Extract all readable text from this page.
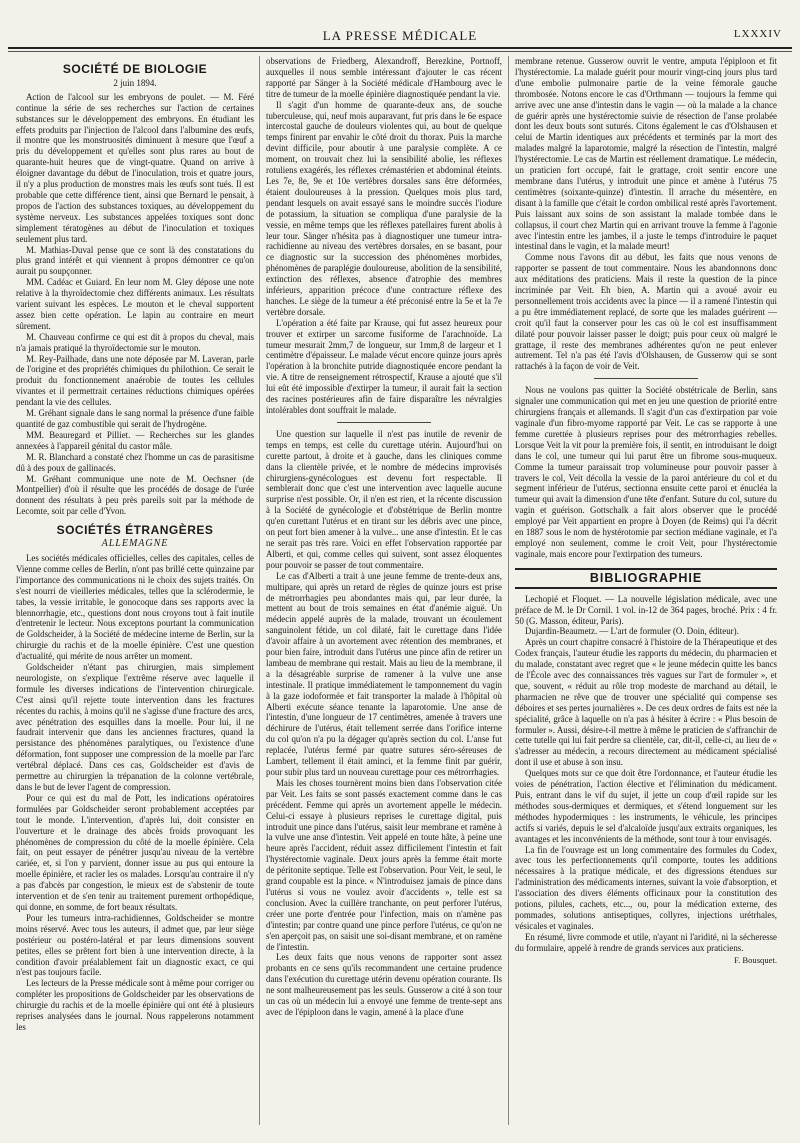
LA PRESSE MÉDICALE	LXXXIV
SOCIÉTÉ DE BIOLOGIE
2 juin 1894.

Action de l'alcool sur les embryons de poulet. — M. Féré continue la série de ses recherches sur l'action de certaines substances sur le développement des embryons. En étudiant les effets produits par l'injection de l'alcool dans l'albumine des œufs, il montre que les monstruosités diminuent à mesure que l'œuf a pris du développement et qu'elles sont plus rares au bout de quarante-huit heures que de vingt-quatre. Quand on arrive à éloigner davantage du début de l'inoculation, trois et quatre jours, il n'y a plus production de monstres mais les œufs sont tués. Il est probable que cette différence tient, ainsi que Bernard le pensait, à propos de l'action des substances toxiques, au développement du système nerveux. Les substances appelées toxiques sont donc simplement tératogènes au début de l'inoculation et toxiques seulement plus tard.

M. Mathias-Duval pense que ce sont là des constatations du plus grand intérêt et qui viennent à propos démontrer ce qu'on aurait pu soupçonner.

MM. Cadéac et Guiard. En leur nom M. Gley dépose une note relative à la thyroïdectomie chez différents animaux. Les résultats varient suivant les espèces. Le mouton et le cheval supportent assez bien cette opération. Le lapin au contraire en meurt sûrement.

M. Chauveau confirme ce qui est dit à propos du cheval, mais n'a jamais pratiqué la thyroïdectomie sur le mouton.

M. Rey-Pailhade, dans une note déposée par M. Laveran, parle de l'origine et des propriétés chimiques du philothion. Ce serait le produit du fonctionnement anaérobie de toutes les cellules vivantes et il permettrait certaines réductions chimiques opérées pendant la vie des cellules.

M. Gréhant signale dans le sang normal la présence d'une faible quantité de gaz combustible qui serait de l'hydrogène.

MM. Beauregard et Pilliet. — Recherches sur les glandes annexées à l'appareil génital du castor mâle.

M. R. Blanchard a constaté chez l'homme un cas de parasitisme dû à des poux de gallinacés.

M. Gréhant communique une note de M. Oechsner (de Montpellier) d'où il résulte que les procédés de dosage de l'urée donnent des résultats à peu près pareils soit par la méthode de Lecomte, soit par celle d'Yvon.

SOCIÉTÉS ÉTRANGÈRES
ALLEMAGNE

Les sociétés médicales officielles, celles des capitales, celles de Vienne comme celles de Berlin, n'ont pas brillé cette quinzaine par l'importance des communications ni le choix des sujets traités. On s'est nourri de vieilleries médicales, telles que la sclérodermie, le tabes, la vessie irritable, le gonocoque dans ses rapports avec la blennorrhagie, etc., questions dont nous croyons tout à fait inutile d'entretenir le lecteur. Nous exceptons pourtant la communication de Goldscheider, à la Société de médecine interne de Berlin, sur la chirurgie du rachis et de la moelle épinière. C'est une question d'actualité, qui mérite de nous arrêter un moment.

Goldscheider n'étant pas chirurgien, mais simplement neurologiste, on s'explique l'extrême réserve avec laquelle il formule les diverses indications de l'intervention chirurgicale. C'est ainsi qu'il rejette toute intervention dans les fractures récentes du rachis, à moins qu'il ne s'agisse d'une fracture des arcs, avec pénétration des esquilles dans la moelle. Pour lui, il ne faudrait intervenir que dans les anciennes fractures, quand la persistance des phénomènes paralytiques, ou l'existence d'une déformation, font supposer une compression de la moelle par l'arc vertébral déplacé. Dans ces cas, Goldscheider est d'avis de permettre au chirurgien la trépanation de la colonne vertébrale, dans le but de lever l'agent de compression.

Pour ce qui est du mal de Pott, les indications opératoires formulées par Goldscheider seront probablement acceptées par tout le monde. L'intervention, d'après lui, doit consister en l'ouverture et le drainage des abcès froids provoquant les phénomènes de compression du côté de la moelle épinière. Cela fait, on peut essayer de pénétrer jusqu'au niveau de la vertèbre cariée, et, si l'on y parvient, donner issue au pus qui entoure la moelle épinière, et racler les os malades. Lorsqu'au contraire il n'y a pas d'abcès par congestion, le mieux est de s'abstenir de toute intervention et de s'en tenir au traitement purement orthopédique, qui donne, en somme, de fort beaux résultats.

Pour les tumeurs intra-rachidiennes, Goldscheider se montre moins réservé. Avec tous les auteurs, il admet que, par leur siège postérieur ou postéro-latéral et par leurs dimensions souvent petites, elles se prêtent fort bien à une intervention directe, à la condition d'avoir préalablement fait un diagnostic exact, ce qui n'est pas toujours facile.

Les lecteurs de la Presse médicale sont à même pour corriger ou compléter les propositions de Goldscheider par les observations de chirurgie du rachis et de la moelle épinière qui ont été à plusieurs reprises analysées dans le journal. Nous rappelerons notamment les

observations de Friedberg, Alexandroff, Berezkine, Portnoff, auxquelles il nous semble intéressant d'ajouter le cas récent rapporté par Sänger à la Société médicale d'Hambourg avec le titre de tumeur de la moelle épinière diagnostiquée pendant la vie.

Il s'agit d'un homme de quarante-deux ans, de souche tuberculeuse, qui, neuf mois auparavant, fut pris dans le 6e espace intercostal gauche de douleurs violentes qui, au bout de quelque temps finirent par envahir le côté droit du thorax. Puis la marche devint difficile, pour aboutir à une paralysie complète. A ce moment, on trouvait chez lui la sensibilité abolie, les réflexes rotuliens exagérés, les réflexes crémastérien et abdominal éteints. Les 7e, 8e, 9e et 10e vertèbres dorsales sans être déformées, étaient douloureuses à la pression. Quelques mois plus tard, pendant lesquels on avait essayé sans le moindre succès l'iodure de potassium, la situation se compliqua d'une paralysie de la vessie, en même temps que les réflexes patellaires furent abolis à leur tour. Sänger n'hésita pas à diagnostiquer une tumeur intra-rachidienne au niveau des vertèbres dorsales, en se basant, pour ce diagnostic sur la succession des phénomènes morbides, phénomènes de paraplégie douloureuse, abolition de la sensibilité, extinction des réflexes, absence d'atrophie des membres inférieurs, apparition précoce d'une contracture réflexe des hanches. Le siège de la tumeur a été préconisé entre la 5e et la 7e vertèbre dorsale.

L'opération a été faite par Krause, qui fut assez heureux pour trouver et extirper un sarcome fusiforme de l'arachnoïde. La tumeur mesurait 2mm,7 de longueur, sur 1mm,8 de largeur et 1 centimètre d'épaisseur. Le malade vécut encore quinze jours après l'opération à la bronchite putride diagnostiquée encore pendant la vie. A titre de renseignement rétrospectif, Krause a ajouté que s'il lui eût été impossible d'extirper la tumeur, il aurait fait la section des racines postérieures afin de faire disparaître les névralgies intolérables dont souffrait le malade.

Une question sur laquelle il n'est pas inutile de revenir de temps en temps, est celle du curettage utérin. Aujourd'hui on curette partout, à droite et à gauche, dans les cliniques comme dans la clientèle privée, et le nombre de médecins improvisés chirurgiens-gynécologues est devenu fort respectable. Il semblerait donc que c'est une intervention avec laquelle aucune surprise n'est possible. Or, il n'en est rien, et la récente discussion à la Société de gynécologie et d'obstétrique de Berlin montre qu'en curettant l'utérus et en tirant sur les débris avec une pince, on peut fort bien amener à la vulve... une anse d'intestin. Et le cas ne serait pas très rare. Voici en effet l'observation rapportée par Alberti, et qui, comme celles qui suivent, sont assez éloquentes pour pouvoir se passer de tout commentaire.

Le cas d'Alberti a trait à une jeune femme de trente-deux ans, multipare, qui après un retard de règles de quinze jours est prise de métrorrhagies peu abondantes mais qui, par leur durée, la mettent au bout de trois semaines en état d'anémie aiguë. Un médecin appelé auprès de la malade, trouvant un écoulement sanguinolent fétide, un col dilaté, fait le curettage dans l'idée d'avoir affaire à un avortement avec rétention des membranes, et pour bien faire, introduit dans l'utérus une pince afin de retirer un lambeau de membrane qui restait. Mais au lieu de la membrane, il a la désagréable surprise de ramener à la vulve une anse intestinale. Il pratique immédiatement le tamponnement du vagin à la gaze iodoformée et fait transporter la malade à l'hôpital où Alberti exécute séance tenante la laparotomie. Une anse de l'intestin, d'une longueur de 17 centimètres, amenée à travers une déchirure de l'utérus, était tellement serrée dans l'orifice interne du col qu'on n'a pu la dégager qu'après section du col. L'anse fut replacée, l'utérus fermé par quatre sutures séro-séreuses de Lambert, tellement il était aminci, et la femme finit par guérir, pour subir plus tard un nouveau curettage pour ces métrorrhagies.

Mais les choses tournèrent moins bien dans l'observation citée par Veit. Les faits se sont passés exactement comme dans le cas précédent. Femme qui après un avortement appelle le médecin. Celui-ci essaye à plusieurs reprises le curettage digital, puis introduit une pince dans l'utérus, saisit leur membrane et ramène à la vulve une anse d'intestin. Veit appelé en toute hâte, à peine une heure après l'accident, réduit assez difficilement l'intestin et fait l'hystérectomie vaginale. Deux jours après la femme était morte de péritonite septique. Telle est l'observation. Pour Veit, le seul, le grand coupable est la pince. « N'introduisez jamais de pince dans l'utérus si vous ne voulez avoir d'accidents », telle est sa conclusion. Avec la cuillère tranchante, on peut perforer l'utérus, créer une porte d'entrée pour l'infection, mais on n'amène pas d'intestin; par contre quand une pince perfore l'utérus, ce qu'on ne s'en aperçoit pas, on saisit une soi-disant membrane, et on ramène de l'intestin.

Les deux faits que nous venons de rapporter sont assez probants en ce sens qu'ils recommandent une certaine prudence dans l'exécution du curettage utérin devenu opération courante. Ils ne sont malheureusement pas les seuls. Gusserow a cité à son tour un cas où un médecin lui a envoyé une femme de trente-sept ans avec de l'épiploon dans le vagin, amené à la place d'une

membrane retenue. Gusserow ouvrit le ventre, amputa l'épiploon et fit l'hystérectomie. La malade guérit pour mourir vingt-cinq jours plus tard d'une embolie pulmonaire partie de la veine fémorale gauche thrombosée. Notons encore le cas d'Orthmann — toujours la femme qui arrive avec une anse d'intestin dans le vagin — où la malade a la chance de guérir après une hystérectomie suivie de résection de l'anse prolabée dont les deux bouts sont suturés. Citons également le cas d'Olshausen et celui de Martin identiques aux précédents et terminés par la mort des malades malgré la laparotomie, malgré la résection de l'intestin, malgré l'hystérectomie. Le cas de Martin est réellement dramatique. Le médecin, un praticien fort occupé, fait le grattage, croit sentir encore une membrane dans l'utérus, y introduit une pince et amène à l'utérus 75 centimètres (soixante-quinze) d'intestin. Il arrache du mésentère, en disant à la famille que c'était le cordon ombilical resté après l'avortement. Puis laissant aux soins de son assistant la malade tombée dans le collapsus, il court chez Martin qui en arrivant trouve la femme à l'agonie avec l'intestin entre les jambes, il a juste le temps d'introduire le paquet intestinal dans le vagin, et la malade meurt!

Comme nous l'avons dit au début, les faits que nous venons de rapporter se passent de tout commentaire. Nous les abandonnons donc aux méditations des praticiens. Mais il reste la question de la pince incriminée par Veit. Eh bien, A. Martin qui a avoué avoir eu personnellement trois accidents avec la pince — il a ramené l'intestin qui a pu être immédiatement replacé, de sorte que les malades guérirent — croit qu'il faut la conserver pour les cas où le col est insuffisamment dilaté pour pouvoir laisser passer le doigt; puis pour ceux où malgré le grattage, il reste des membranes adhérentes qu'on ne peut enlever autrement. Tel n'a pas été l'avis d'Olshausen, de Gusserow qui se sont rattachés à la façon de voir de Veit.

Nous ne voulons pas quitter la Société obstétricale de Berlin, sans signaler une communication qui met en jeu une question de priorité entre chirurgiens français et allemands. Il s'agit d'un cas d'extirpation par voie vaginale d'un fibro-myome rapporté par Veit. Le cas se rapporte à une femme curettée à plusieurs reprises pour des métrorrhagies rebelles. Lorsque Veit la vit pour la première fois, il sentit, en introduisant le doigt dans le col, une tumeur qui lui parut être un fibrome sous-muqueux. Comme la tumeur paraissait trop volumineuse pour pouvoir passer à travers le col, Veit décolla la vessie de la paroi antérieure du col et du segment inférieur de l'utérus, sectionna ensuite cette paroi et énucléa la tumeur qui avait la dimension d'une tête d'enfant. Suture du col, suture du vagin et guérison. Gottschalk a fait alors observer que le procédé employé par Veit appartient en propre à Doyen (de Reims) qui l'a décrit en 1887 sous le nom de hystérotomie par section médiane vaginale, et l'a employé non seulement, comme le croit Veit, pour l'hystérectomie vaginale, mais encore pour l'extirpation des tumeurs.

BIBLIOGRAPHIE

Lechopié et Floquet. — La nouvelle législation médicale, avec une préface de M. le Dr Cornil. 1 vol. in-12 de 364 pages, broché. Prix : 4 fr. 50 (G. Masson, éditeur, Paris).

Dujardin-Beaumetz. — L'art de formuler (O. Doin, éditeur).

Après un court chapitre consacré à l'histoire de la Thérapeutique et des Codex français, l'auteur étudie les rapports du médecin, du pharmacien et du malade, constatant avec regret que « le jeune médecin quitte les bancs de l'École avec des connaissances très vagues sur l'art de formuler », et que, souvent, « réduit au rôle trop modeste de marchand au détail, le pharmacien ne rêve que de trouver une spécialité qui compense ses déboires et ses pertes journalières ». De ces deux ordres de faits est née la spécialité, grâce à laquelle on n'a pas à hésiter à écrire : « Plus besoin de formuler ». Aussi, désire-t-il mettre à même le praticien de s'affranchir de cette tutelle qui lui fait perdre sa clientèle, car, dit-il, celle-ci, au lieu de « s'adresser au médecin, a recours directement au médicament spécialisé dont il use et abuse à son insu.

Quelques mots sur ce que doit être l'ordonnance, et l'auteur étudie les voies de pénétration, l'action élective et l'élimination du médicament. Puis, entrant dans le vif du sujet, il jette un coup d'œil rapide sur les méthodes sous-dermiques et dermiques, et s'étend longuement sur les méthodes hypodermiques : les instruments, le véhicule, les principes actifs si variés, depuis le sel d'alcaloïde jusqu'aux extraits organiques, les avantages et les inconvénients de la méthode, sont tour à tour envisagés.

La fin de l'ouvrage est un long commentaire des formules du Codex, avec tous les perfectionnements qu'il comporte, toutes les additions nécessaires à la pratique médicale, et des digressions étendues sur l'administration des médicaments internes, suivant la voie d'absorption, et l'association des divers éléments officinaux pour la constitution des potions, pilules, cachets, etc..., ou, pour la médication externe, des pommades, solutions antiseptiques, collyres, injections urétrhales, vésicales et vaginales.

En résumé, livre commode et utile, n'ayant ni l'aridité, ni la sécheresse du formulaire, appelé à rendre de grands services aux praticiens.

F. Bousquet.
